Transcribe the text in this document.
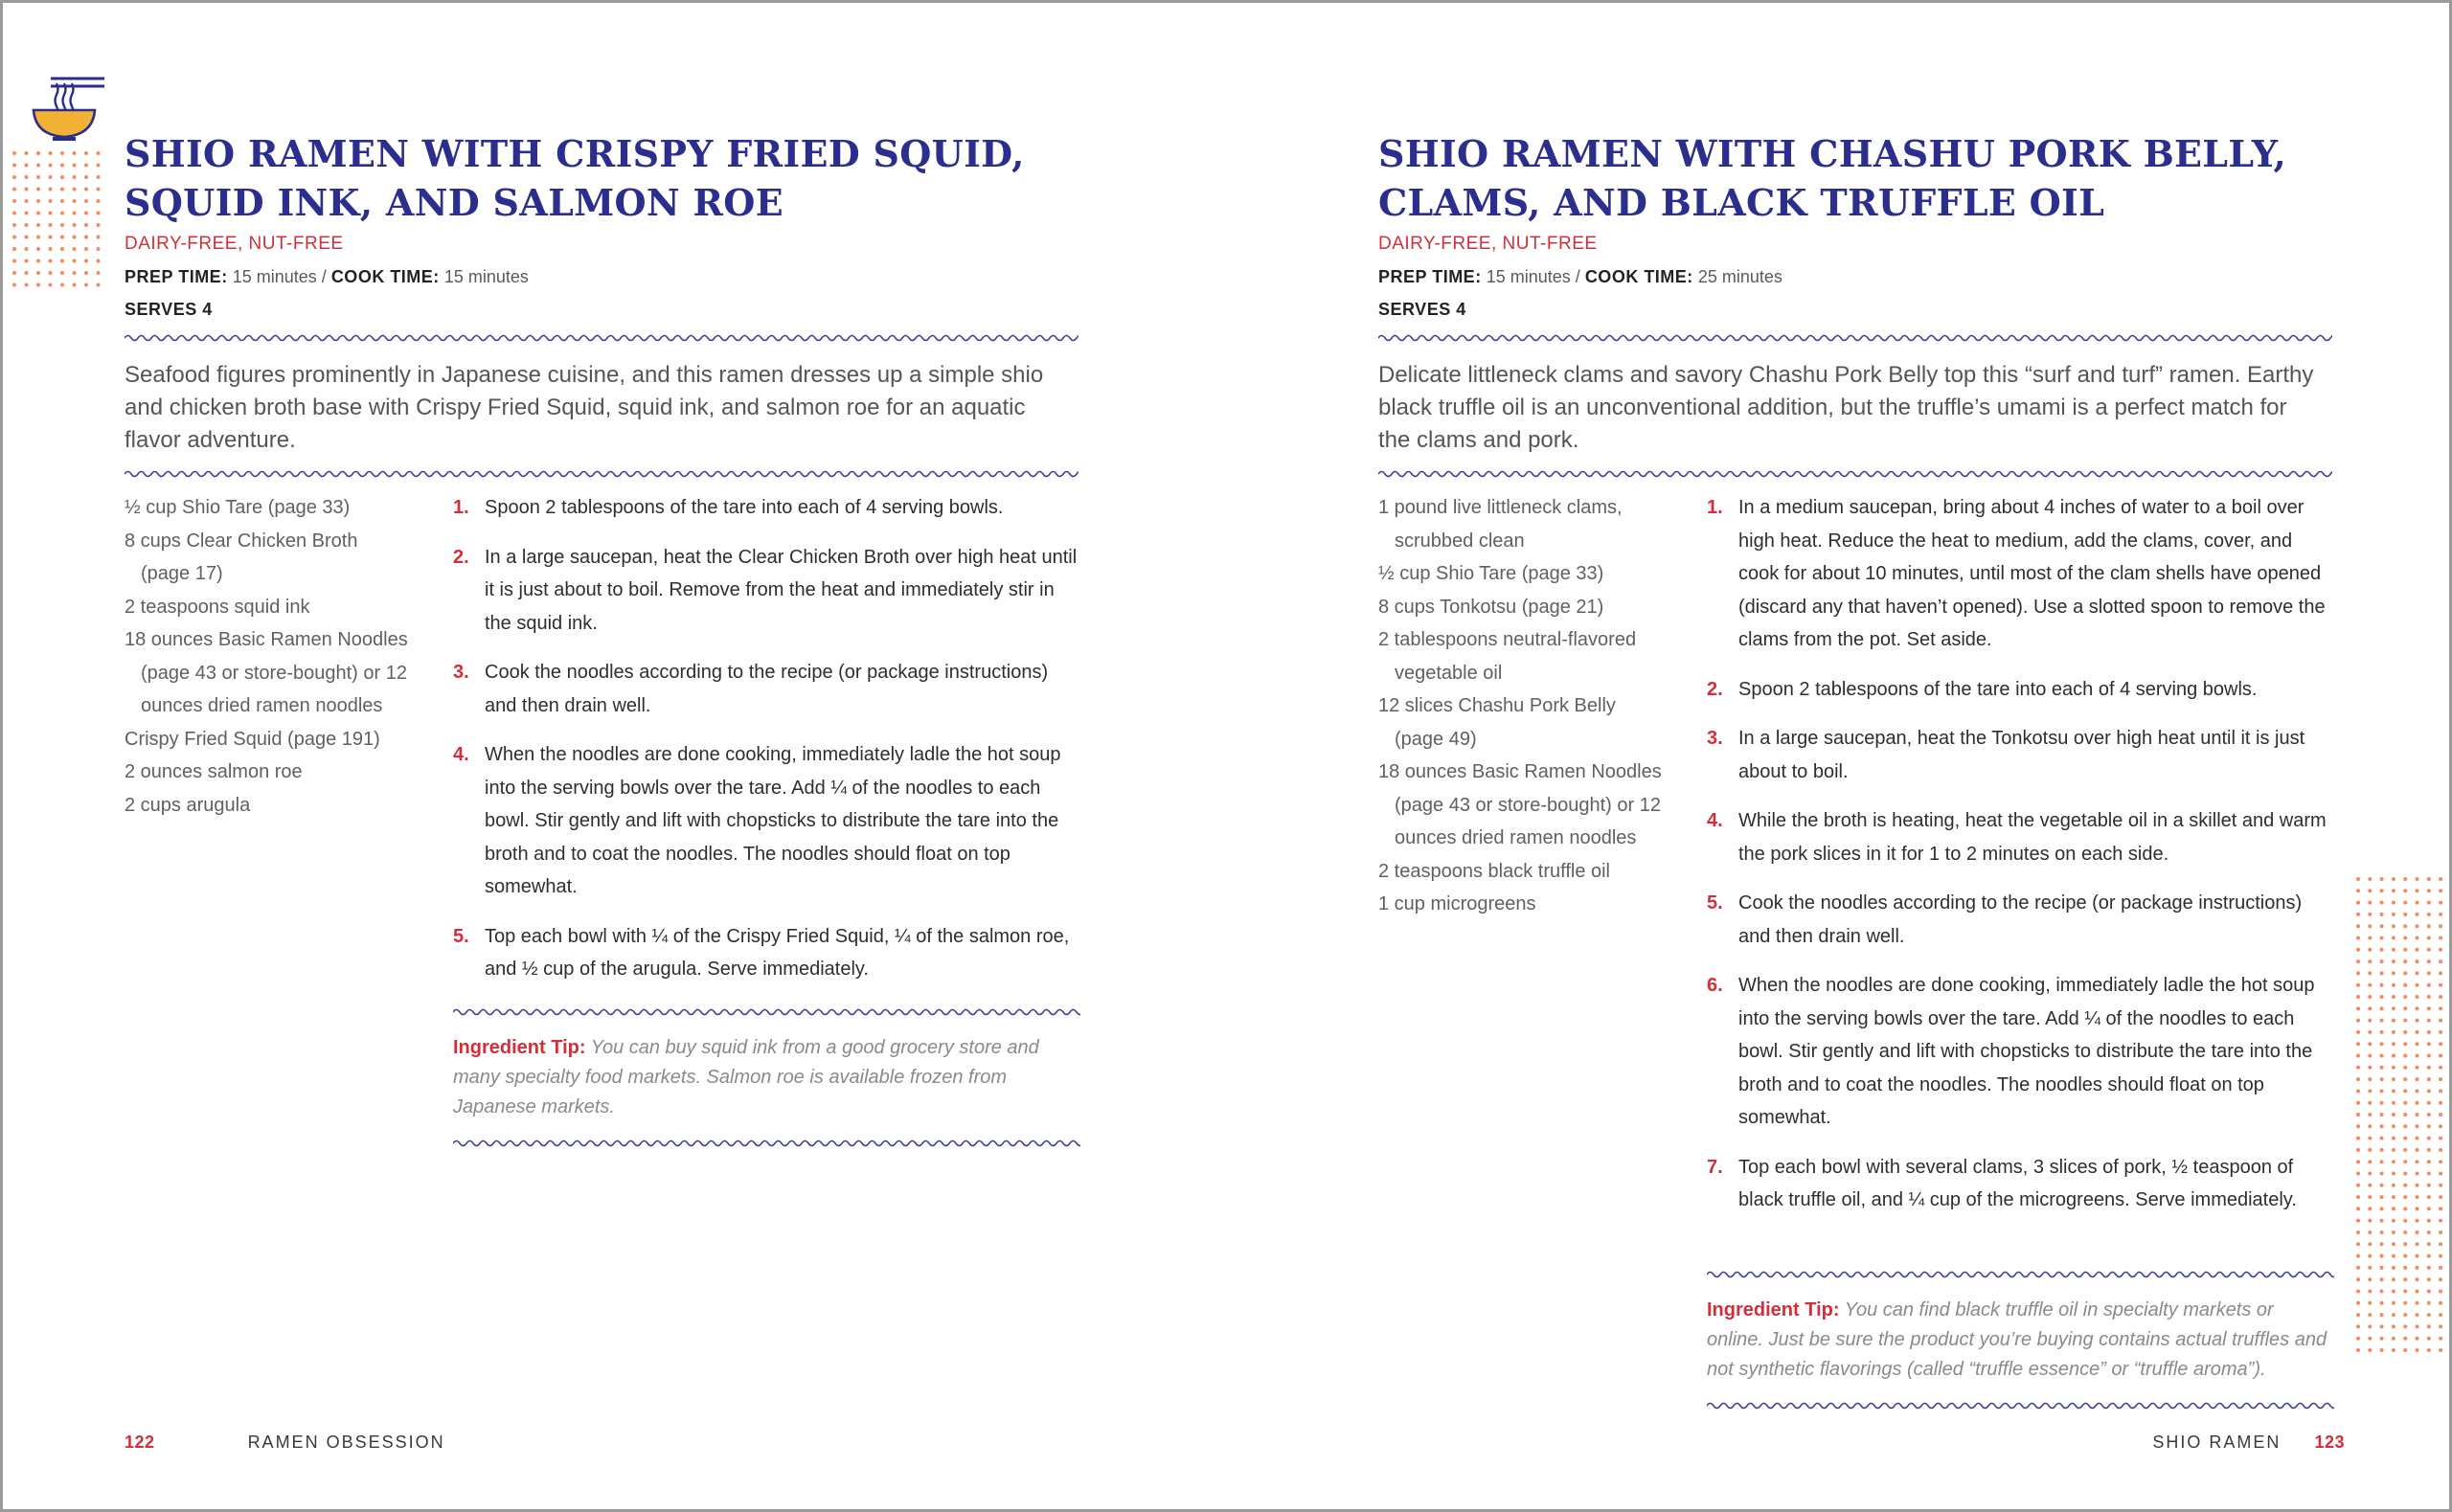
SHIO RAMEN WITH CRISPY FRIED SQUID,
SQUID INK, AND SALMON ROE
DAIRY-FREE, NUT-FREE
PREP TIME: 15 minutes / COOK TIME: 15 minutes
SERVES 4

Seafood figures prominently in Japanese cuisine, and this ramen dresses up a simple shio and chicken broth base with Crispy Fried Squid, squid ink, and salmon roe for an aquatic flavor adventure.

½ cup Shio Tare (page 33)
8 cups Clear Chicken Broth (page 17)
2 teaspoons squid ink
18 ounces Basic Ramen Noodles (page 43 or store-bought) or 12 ounces dried ramen noodles
Crispy Fried Squid (page 191)
2 ounces salmon roe
2 cups arugula
1. Spoon 2 tablespoons of the tare into each of 4 serving bowls.
2. In a large saucepan, heat the Clear Chicken Broth over high heat until it is just about to boil. Remove from the heat and immediately stir in the squid ink.
3. Cook the noodles according to the recipe (or package instructions) and then drain well.
4. When the noodles are done cooking, immediately ladle the hot soup into the serving bowls over the tare. Add ¼ of the noodles to each bowl. Stir gently and lift with chopsticks to distribute the tare into the broth and to coat the noodles. The noodles should float on top somewhat.
5. Top each bowl with ¼ of the Crispy Fried Squid, ¼ of the salmon roe, and ½ cup of the arugula. Serve immediately.

Ingredient Tip: You can buy squid ink from a good grocery store and many specialty food markets. Salmon roe is available frozen from Japanese markets.

SHIO RAMEN WITH CHASHU PORK BELLY,
CLAMS, AND BLACK TRUFFLE OIL
DAIRY-FREE, NUT-FREE
PREP TIME: 15 minutes / COOK TIME: 25 minutes
SERVES 4

Delicate littleneck clams and savory Chashu Pork Belly top this “surf and turf” ramen. Earthy black truffle oil is an unconventional addition, but the truffle’s umami is a perfect match for the clams and pork.

1 pound live littleneck clams, scrubbed clean
½ cup Shio Tare (page 33)
8 cups Tonkotsu (page 21)
2 tablespoons neutral-flavored vegetable oil
12 slices Chashu Pork Belly (page 49)
18 ounces Basic Ramen Noodles (page 43 or store-bought) or 12 ounces dried ramen noodles
2 teaspoons black truffle oil
1 cup microgreens
1. In a medium saucepan, bring about 4 inches of water to a boil over high heat. Reduce the heat to medium, add the clams, cover, and cook for about 10 minutes, until most of the clam shells have opened (discard any that haven’t opened). Use a slotted spoon to remove the clams from the pot. Set aside.
2. Spoon 2 tablespoons of the tare into each of 4 serving bowls.
3. In a large saucepan, heat the Tonkotsu over high heat until it is just about to boil.
4. While the broth is heating, heat the vegetable oil in a skillet and warm the pork slices in it for 1 to 2 minutes on each side.
5. Cook the noodles according to the recipe (or package instructions) and then drain well.
6. When the noodles are done cooking, immediately ladle the hot soup into the serving bowls over the tare. Add ¼ of the noodles to each bowl. Stir gently and lift with chopsticks to distribute the tare into the broth and to coat the noodles. The noodles should float on top somewhat.
7. Top each bowl with several clams, 3 slices of pork, ½ teaspoon of black truffle oil, and ¼ cup of the microgreens. Serve immediately.

Ingredient Tip: You can find black truffle oil in specialty markets or online. Just be sure the product you’re buying contains actual truffles and not synthetic flavorings (called “truffle essence” or “truffle aroma”).

122	RAMEN OBSESSION	SHIO RAMEN 123
